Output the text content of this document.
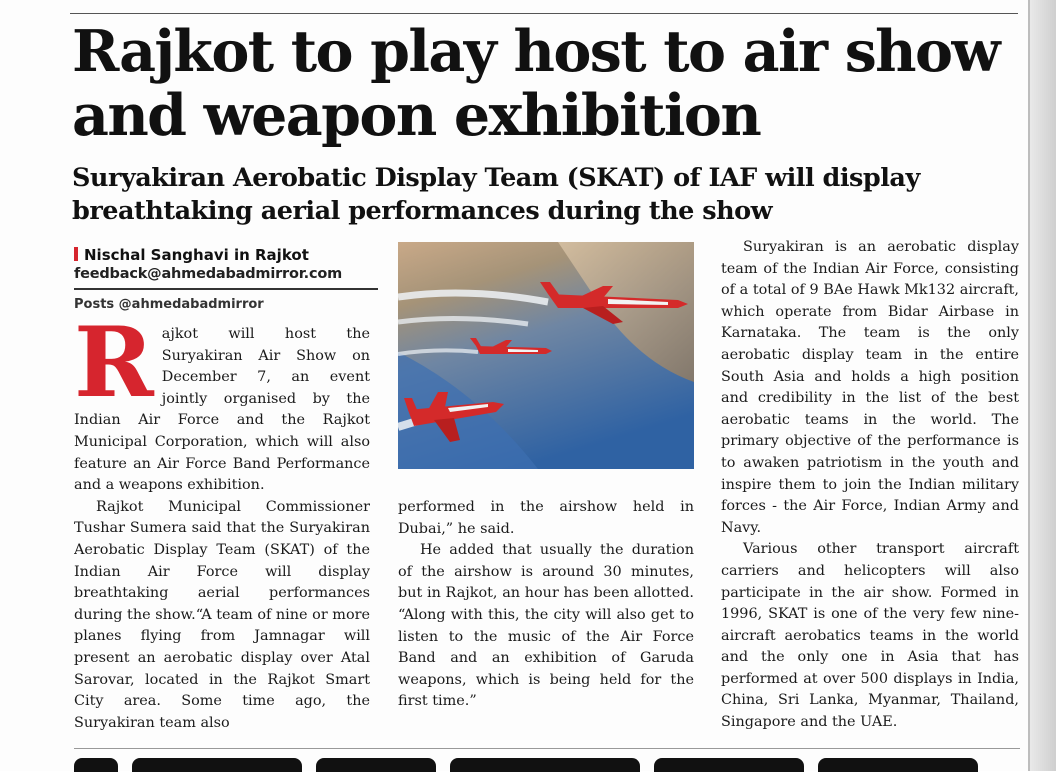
Rajkot to play host to air show and weapon exhibition
Suryakiran Aerobatic Display Team (SKAT) of IAF will display breathtaking aerial performances during the show
Nischal Sanghavi in Rajkot
feedback@ahmedabadmirror.com
Posts @ahmedabadmirror

Rajkot will host the Suryakiran Air Show on December 7, an event jointly organised by the Indian Air Force and the Rajkot Municipal Corporation, which will also feature an Air Force Band Performance and a weapons exhibition.

Rajkot Municipal Commissioner Tushar Sumera said that the Suryakiran Aerobatic Display Team (SKAT) of the Indian Air Force will display breathtaking aerial performances during the show.“A team of nine or more planes flying from Jamnagar will present an aerobatic display over Atal Sarovar, located in the Rajkot Smart City area. Some time ago, the Suryakiran team also

performed in the airshow held in Dubai,” he said.

He added that usually the duration of the airshow is around 30 minutes, but in Rajkot, an hour has been allotted. “Along with this, the city will also get to listen to the music of the Air Force Band and an exhibition of Garuda weapons, which is being held for the first time.”

Suryakiran is an aerobatic display team of the Indian Air Force, consisting of a total of 9 BAe Hawk Mk132 aircraft, which operate from Bidar Airbase in Karnataka. The team is the only aerobatic display team in the entire South Asia and holds a high position and credibility in the list of the best aerobatic teams in the world. The primary objective of the performance is to awaken patriotism in the youth and inspire them to join the Indian military forces - the Air Force, Indian Army and Navy.

Various other transport aircraft carriers and helicopters will also participate in the air show. Formed in 1996, SKAT is one of the very few nine-aircraft aerobatics teams in the world and the only one in Asia that has performed at over 500 displays in India, China, Sri Lanka, Myanmar, Thailand, Singapore and the UAE.
